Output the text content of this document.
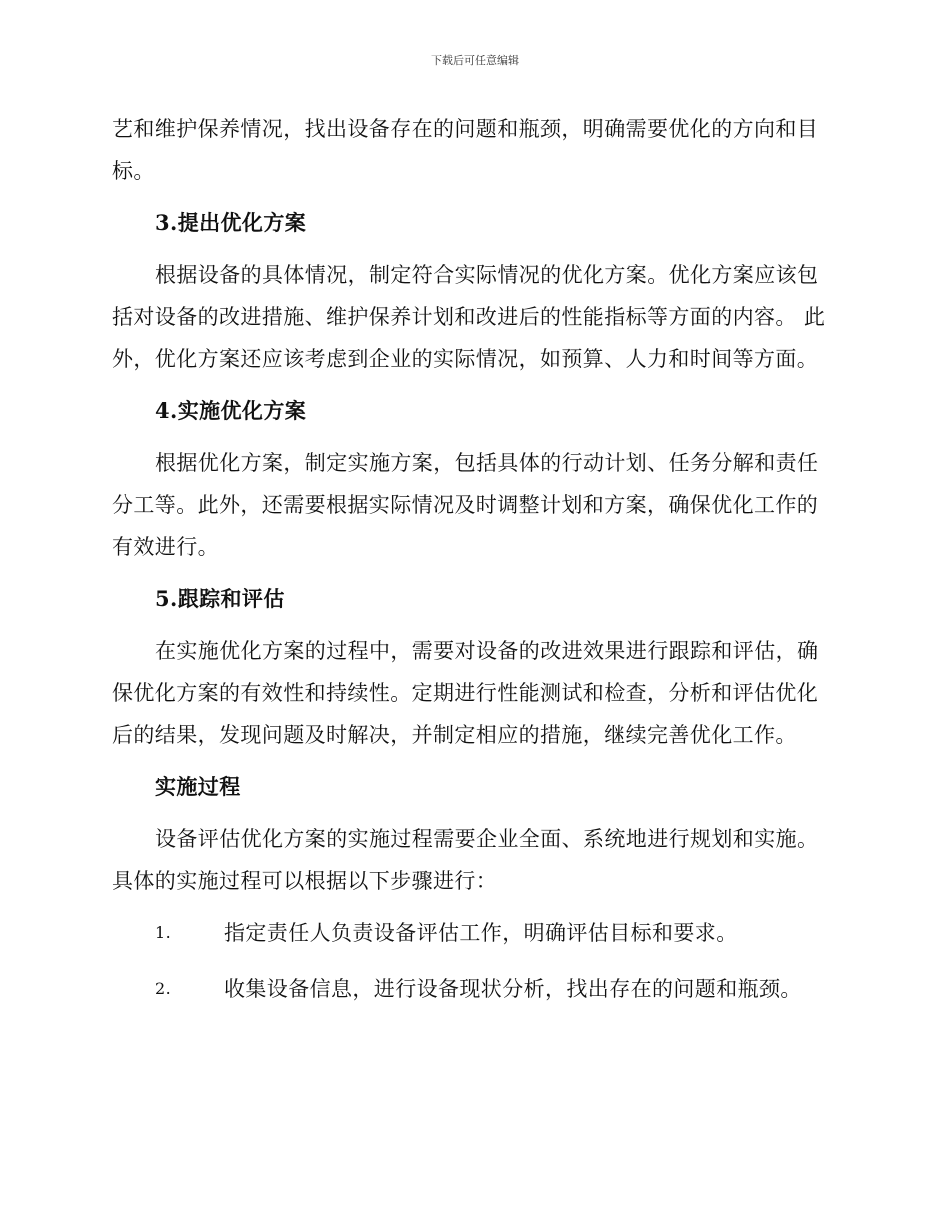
下载后可任意编辑

艺和维护保养情况，找出设备存在的问题和瓶颈，明确需要优化的方向和目标。

3.提出优化方案

根据设备的具体情况，制定符合实际情况的优化方案。优化方案应该包括对设备的改进措施、维护保养计划和改进后的性能指标等方面的内容。 此外，优化方案还应该考虑到企业的实际情况，如预算、人力和时间等方面。

4.实施优化方案

根据优化方案，制定实施方案，包括具体的行动计划、任务分解和责任分工等。此外，还需要根据实际情况及时调整计划和方案，确保优化工作的有效进行。

5.跟踪和评估

在实施优化方案的过程中，需要对设备的改进效果进行跟踪和评估，确保优化方案的有效性和持续性。定期进行性能测试和检查，分析和评估优化后的结果，发现问题及时解决，并制定相应的措施，继续完善优化工作。

实施过程

设备评估优化方案的实施过程需要企业全面、系统地进行规划和实施。具体的实施过程可以根据以下步骤进行：

1.	指定责任人负责设备评估工作，明确评估目标和要求。
2.	收集设备信息，进行设备现状分析，找出存在的问题和瓶颈。
